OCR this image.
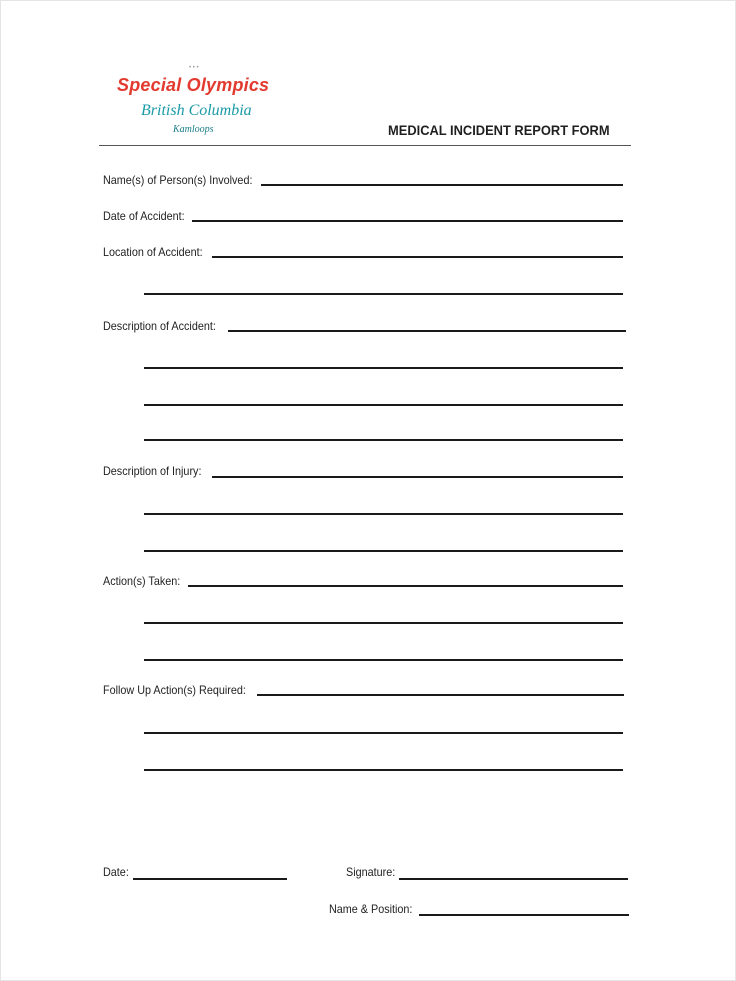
• • •
Special Olympics
British Columbia
Kamloops	MEDICAL INCIDENT REPORT FORM
Name(s) of Person(s) Involved:
Date of Accident:
Location of Accident:
Description of Accident:
Description of Injury:
Action(s) Taken:
Follow Up Action(s) Required:
Date:	Signature:
Name & Position:
